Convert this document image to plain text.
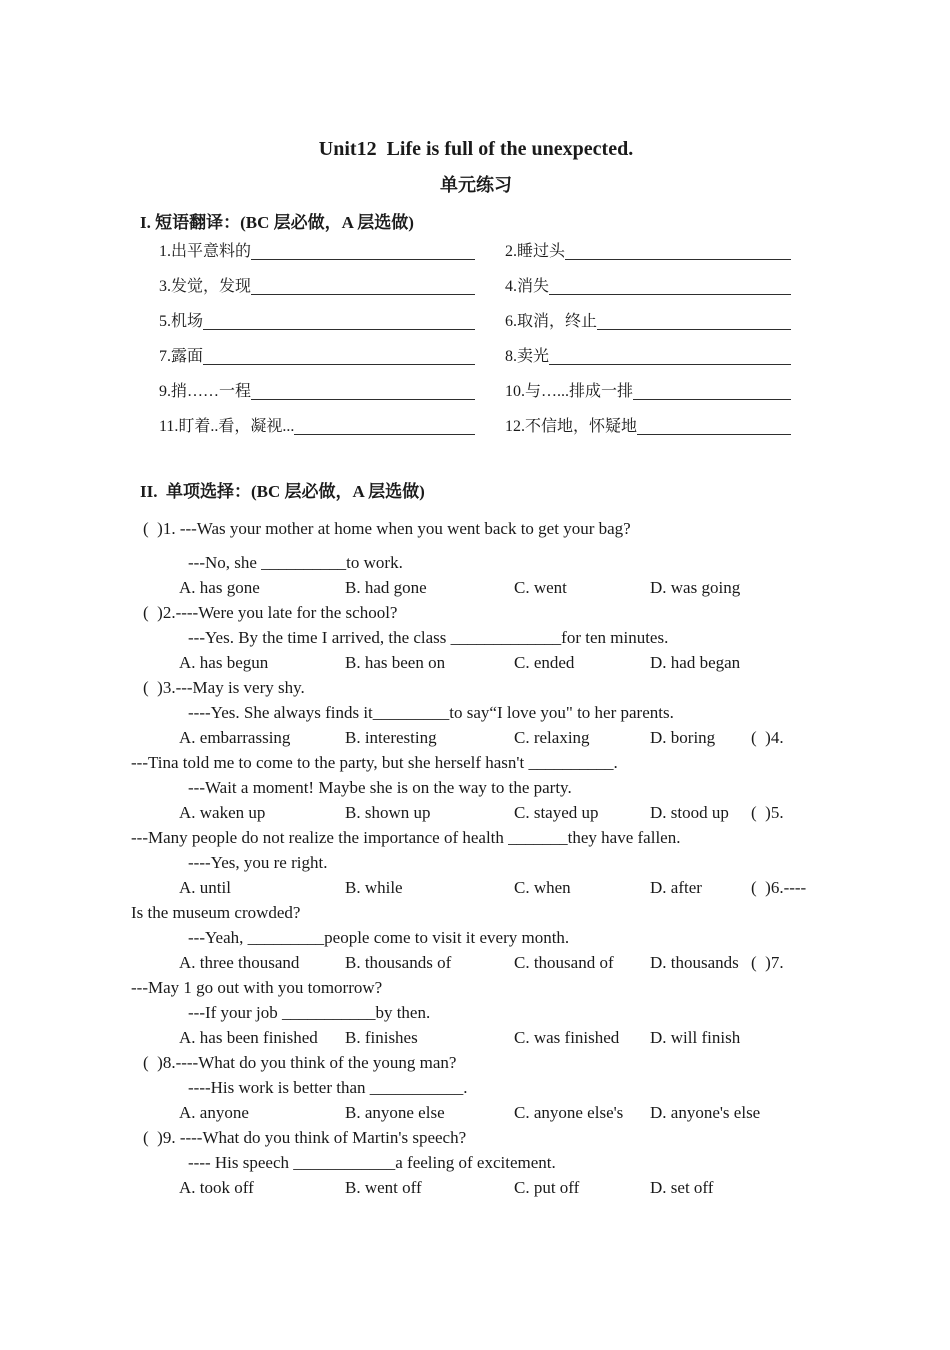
Unit12  Life is full of the unexpected.
单元练习
I. 短语翻译：(BC 层必做，A 层选做)
1.出平意料的	2.睡过头
3.发觉，发现	4.消失
5.机场	6.取消，终止
7.露面	8.卖光
9.捎……一程	10.与…...排成一排
11.盯着..看，凝视...	12.不信地，怀疑地
II.  单项选择：(BC 层必做，A 层选做)
(  )1. ---Was your mother at home when you went back to get your bag?
---No, she __________to work.

A. has gone

	B. had gone

	C. went

	D. was going

(  )2.----Were you late for the school?
---Yes. By the time I arrived, the class _____________for ten minutes.

A. has begun

	B. has been on

	C. ended

	D. had began

(  )3.---May is very shy.
----Yes. She always finds it_________to say“I love you" to her parents.

A. embarrassing

	B. interesting

	C. relaxing

	D. boring

(  )4.

---Tina told me to come to the party, but she herself hasn't __________.
---Wait a moment! Maybe she is on the way to the party.

A. waken up

	B. shown up

	C. stayed up

	D. stood up

(  )5.

---Many people do not realize the importance of health _______they have fallen.
----Yes, you re right.

A. until

	B. while

	C. when

	D. after

	(  )6.----

Is the museum crowded?
---Yeah, _________people come to visit it every month.

A. three thousand

	B. thousands of

	C. thousand of

D. thousands

(  )7.

---May 1 go out with you tomorrow?
---If your job ___________by then.

A. has been finished

B. finishes

	C. was finished

D. will finish

(  )8.----What do you think of the young man?
----His work is better than ___________.

A. anyone

	B. anyone else

	C. anyone else's

D. anyone's else

(  )9. ----What do you think of Martin's speech?
---- His speech ____________a feeling of excitement.

A. took off

	B. went off

	C. put off

	D. set off
